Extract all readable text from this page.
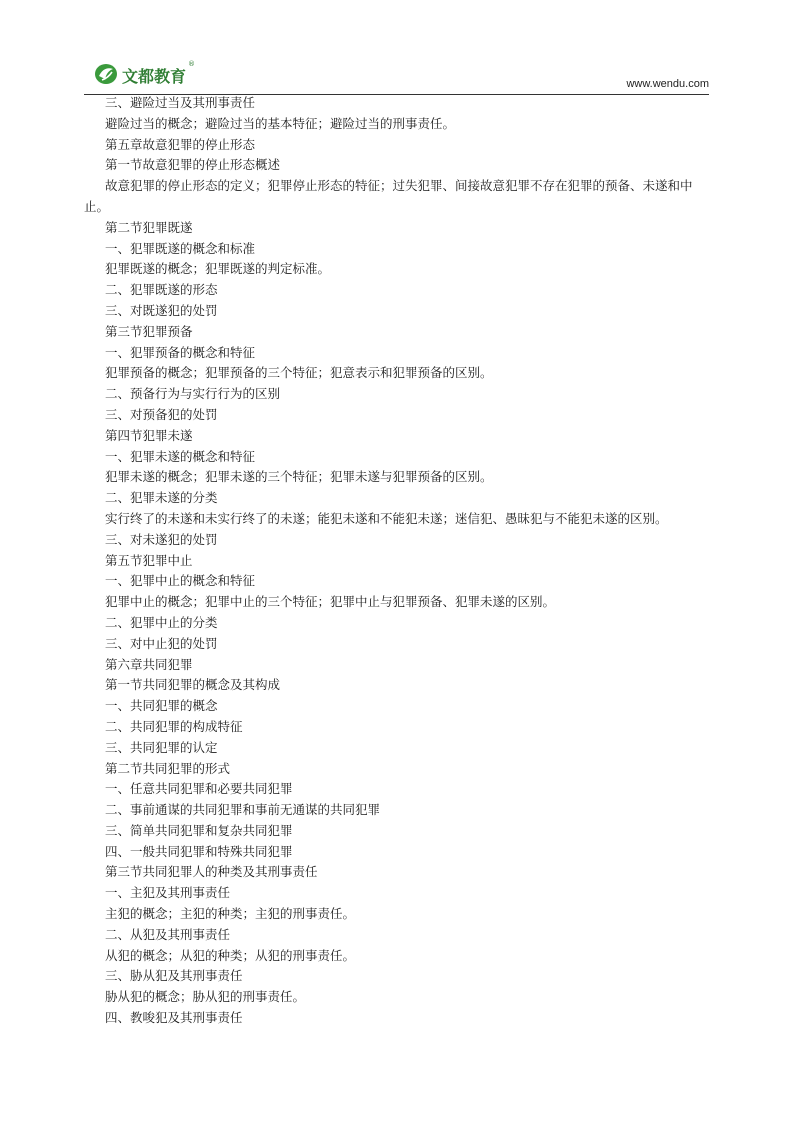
文都教育
®
www.wendu.com
三、避险过当及其刑事责任
避险过当的概念；避险过当的基本特征；避险过当的刑事责任。
第五章故意犯罪的停止形态
第一节故意犯罪的停止形态概述
故意犯罪的停止形态的定义；犯罪停止形态的特征；过失犯罪、间接故意犯罪不存在犯罪的预备、未遂和中止。
第二节犯罪既遂
一、犯罪既遂的概念和标准
犯罪既遂的概念；犯罪既遂的判定标准。
二、犯罪既遂的形态
三、对既遂犯的处罚
第三节犯罪预备
一、犯罪预备的概念和特征
犯罪预备的概念；犯罪预备的三个特征；犯意表示和犯罪预备的区别。
二、预备行为与实行行为的区别
三、对预备犯的处罚
第四节犯罪未遂
一、犯罪未遂的概念和特征
犯罪未遂的概念；犯罪未遂的三个特征；犯罪未遂与犯罪预备的区别。
二、犯罪未遂的分类
实行终了的未遂和未实行终了的未遂；能犯未遂和不能犯未遂；迷信犯、愚昧犯与不能犯未遂的区别。
三、对未遂犯的处罚
第五节犯罪中止
一、犯罪中止的概念和特征
犯罪中止的概念；犯罪中止的三个特征；犯罪中止与犯罪预备、犯罪未遂的区别。
二、犯罪中止的分类
三、对中止犯的处罚
第六章共同犯罪
第一节共同犯罪的概念及其构成
一、共同犯罪的概念
二、共同犯罪的构成特征
三、共同犯罪的认定
第二节共同犯罪的形式
一、任意共同犯罪和必要共同犯罪
二、事前通谋的共同犯罪和事前无通谋的共同犯罪
三、简单共同犯罪和复杂共同犯罪
四、一般共同犯罪和特殊共同犯罪
第三节共同犯罪人的种类及其刑事责任
一、主犯及其刑事责任
主犯的概念；主犯的种类；主犯的刑事责任。
二、从犯及其刑事责任
从犯的概念；从犯的种类；从犯的刑事责任。
三、胁从犯及其刑事责任
胁从犯的概念；胁从犯的刑事责任。
四、教唆犯及其刑事责任
